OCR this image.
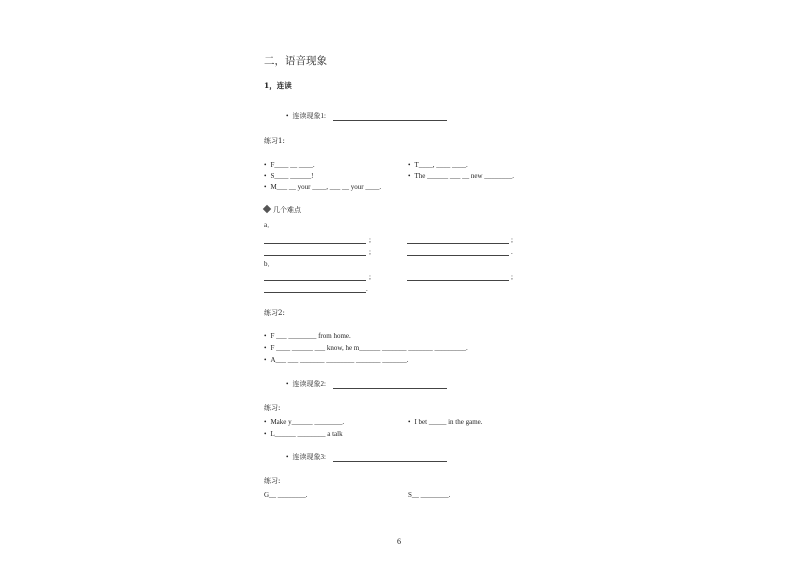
二，语音现象
1，连读
• 连读现象1:
练习1:
• F____ __ ____.	• T____, ____ ____.
• S____ ______!	• The ______ ___ __ new ________.
• M___ __ your ____, ___ __ your ____.
几个难点
a．
;	;
;	.
b．
;	;
.
练习2:
• F ___ ________ from home.
• F ____ ______ ___ know, he m______ _______ _______ _________.
• A___ ___ _______ ________ _______ _______.
• 连读现象2:
练习:
• Make y______ ________.	• I bet _____ in the game.
• L______ ________ a talk
• 连读现象3:
练习:
G__ ________.	S__ ________.
6
